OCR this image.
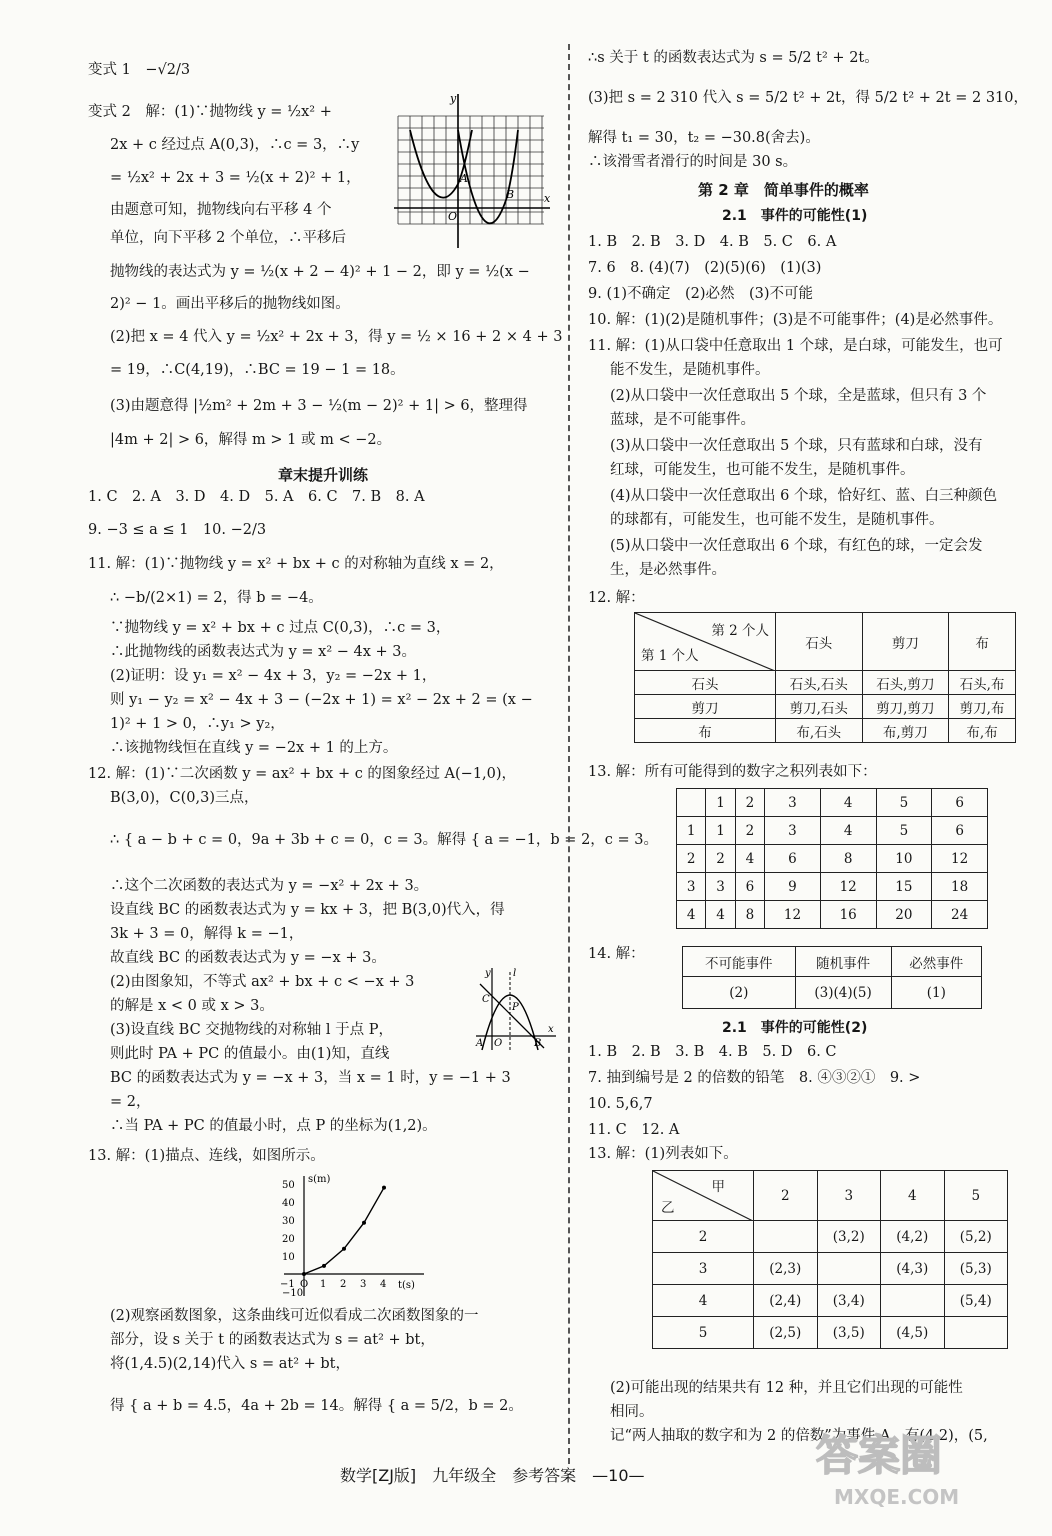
变式 1　−√2/3
变式 2　解：(1)∵抛物线 y = ½x² +
2x + c 经过点 A(0,3)，∴c = 3，∴y
= ½x² + 2x + 3 = ½(x + 2)² + 1，
由题意可知，抛物线向右平移 4 个
单位，向下平移 2 个单位，∴平移后
抛物线的表达式为 y = ½(x + 2 − 4)² + 1 − 2，即 y = ½(x −
2)² − 1。画出平移后的抛物线如图。
(2)把 x = 4 代入 y = ½x² + 2x + 3，得 y = ½ × 16 + 2 × 4 + 3
= 19，∴C(4,19)，∴BC = 19 − 1 = 18。
(3)由题意得 |½m² + 2m + 3 − ½(m − 2)² + 1| > 6，整理得
|4m + 2| > 6，解得 m > 1 或 m < −2。
y
x
O
A
B
章末提升训练
1. C　2. A　3. D　4. D　5. A　6. C　7. B　8. A
9. −3 ≤ a ≤ 1　10. −2/3
11. 解：(1)∵抛物线 y = x² + bx + c 的对称轴为直线 x = 2，
∴ −b/(2×1) = 2，得 b = −4。
∵抛物线 y = x² + bx + c 过点 C(0,3)，∴c = 3，
∴此抛物线的函数表达式为 y = x² − 4x + 3。
(2)证明：设 y₁ = x² − 4x + 3，y₂ = −2x + 1，
则 y₁ − y₂ = x² − 4x + 3 − (−2x + 1) = x² − 2x + 2 = (x −
1)² + 1 > 0，∴y₁ > y₂，
∴该抛物线恒在直线 y = −2x + 1 的上方。
12. 解：(1)∵二次函数 y = ax² + bx + c 的图象经过 A(−1,0)，
B(3,0)，C(0,3)三点，
∴ { a − b + c = 0，9a + 3b + c = 0，c = 3。解得 { a = −1，b = 2，c = 3。
∴这个二次函数的表达式为 y = −x² + 2x + 3。
设直线 BC 的函数表达式为 y = kx + 3，把 B(3,0)代入，得
3k + 3 = 0，解得 k = −1，
故直线 BC 的函数表达式为 y = −x + 3。
(2)由图象知，不等式 ax² + bx + c < −x + 3
的解是 x < 0 或 x > 3。
(3)设直线 BC 交抛物线的对称轴 l 于点 P，
则此时 PA + PC 的值最小。由(1)知，直线
BC 的函数表达式为 y = −x + 3，当 x = 1 时，y = −1 + 3
= 2，
∴当 PA + PC 的值最小时，点 P 的坐标为(1,2)。
y l
C
P
A O	B
x
13. 解：(1)描点、连线，如图所示。
s(m)
t(s)
50
40
30
20
10
−10
−1 O 1 2 3 4
(2)观察函数图象，这条曲线可近似看成二次函数图象的一
部分，设 s 关于 t 的函数表达式为 s = at² + bt，
将(1,4.5)(2,14)代入 s = at² + bt，
得 { a + b = 4.5，4a + 2b = 14。解得 { a = 5/2，b = 2。
∴s 关于 t 的函数表达式为 s = 5/2 t² + 2t。
(3)把 s = 2 310 代入 s = 5/2 t² + 2t，得 5/2 t² + 2t = 2 310，
解得 t₁ = 30，t₂ = −30.8(舍去)。
∴该滑雪者滑行的时间是 30 s。
第 2 章　简单事件的概率
2.1　事件的可能性(1)
1. B　2. B　3. D　4. B　5. C　6. A
7. 6　8. (4)(7)　(2)(5)(6)　(1)(3)
9. (1)不确定　(2)必然　(3)不可能
10. 解：(1)(2)是随机事件；(3)是不可能事件；(4)是必然事件。
11. 解：(1)从口袋中任意取出 1 个球，是白球，可能发生，也可
能不发生，是随机事件。
(2)从口袋中一次任意取出 5 个球，全是蓝球，但只有 3 个
蓝球，是不可能事件。
(3)从口袋中一次任意取出 5 个球，只有蓝球和白球，没有
红球，可能发生，也可能不发生，是随机事件。
(4)从口袋中一次任意取出 6 个球，恰好红、蓝、白三种颜色
的球都有，可能发生，也可能不发生，是随机事件。
(5)从口袋中一次任意取出 6 个球，有红色的球，一定会发
生，是必然事件。
12. 解：
第 2 个人
第 1 个人	石头	剪刀	布
石头	石头,石头	石头,剪刀	石头,布
剪刀	剪刀,石头	剪刀,剪刀	剪刀,布
布	布,石头	布,剪刀	布,布
13. 解：所有可能得到的数字之积列表如下：
	1	2	3	4	5	6
1	1	2	3	4	5	6
2	2	4	6	8	10	12
3	3	6	9	12	15	18
4	4	8	12	16	20	24
14. 解：
不可能事件	随机事件	必然事件
(2)	(3)(4)(5)	(1)
2.1　事件的可能性(2)
1. B　2. B　3. B　4. B　5. D　6. C
7. 抽到编号是 2 的倍数的铅笔　8. ④③②①　9. >
10. 5,6,7
11. C　12. A
13. 解：(1)列表如下。
甲
乙	2	3	4	5
2		(3,2)	(4,2)	(5,2)
3	(2,3)		(4,3)	(5,3)
4	(2,4)	(3,4)		(5,4)
5	(2,5)	(3,5)	(4,5)	
(2)可能出现的结果共有 12 种，并且它们出现的可能性
相同。
记“两人抽取的数字和为 2 的倍数”为事件 A，有(4,2)，(5,
数学[ZJ版]　九年级全　参考答案　—10—	答案圈
MXQE.COM
